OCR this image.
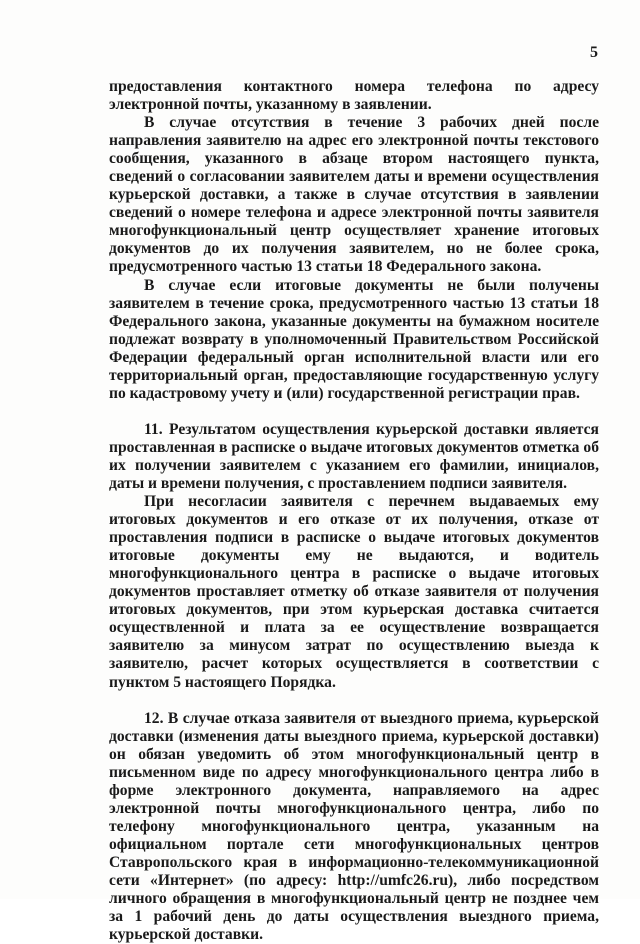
5

предоставления контактного номера телефона по адресу электронной почты, указанному в заявлении.

В случае отсутствия в течение 3 рабочих дней после направления заявителю на адрес его электронной почты текстового сообщения, указанного в абзаце втором настоящего пункта, сведений о согласовании заявителем даты и времени осуществления курьерской доставки, а также в случае отсутствия в заявлении сведений о номере телефона и адресе электронной почты заявителя многофункциональный центр осуществляет хранение итоговых документов до их получения заявителем, но не более срока, предусмотренного частью 13 статьи 18 Федерального закона.

В случае если итоговые документы не были получены заявителем в течение срока, предусмотренного частью 13 статьи 18 Федерального закона, указанные документы на бумажном носителе подлежат возврату в уполномоченный Правительством Российской Федерации федеральный орган исполнительной власти или его территориальный орган, предоставляющие государственную услугу по кадастровому учету и (или) государственной регистрации прав.

11. Результатом осуществления курьерской доставки является проставленная в расписке о выдаче итоговых документов отметка об их получении заявителем с указанием его фамилии, инициалов, даты и времени получения, с проставлением подписи заявителя.

При несогласии заявителя с перечнем выдаваемых ему итоговых документов и его отказе от их получения, отказе от проставления подписи в расписке о выдаче итоговых документов итоговые документы ему не выдаются, и водитель многофункционального центра в расписке о выдаче итоговых документов проставляет отметку об отказе заявителя от получения итоговых документов, при этом курьерская доставка считается осуществленной и плата за ее осуществление возвращается заявителю за минусом затрат по осуществлению выезда к заявителю, расчет которых осуществляется в соответствии с пунктом 5 настоящего Порядка.

12. В случае отказа заявителя от выездного приема, курьерской доставки (изменения даты выездного приема, курьерской доставки) он обязан уведомить об этом многофункциональный центр в письменном виде по адресу многофункционального центра либо в форме электронного документа, направляемого на адрес электронной почты многофункционального центра, либо по телефону многофункционального центра, указанным на официальном портале сети многофункциональных центров Ставропольского края в информационно-телекоммуникационной сети «Интернет» (по адресу: http://umfc26.ru), либо посредством личного обращения в многофункциональный центр не позднее чем за 1 рабочий день до даты осуществления выездного приема, курьерской доставки.
